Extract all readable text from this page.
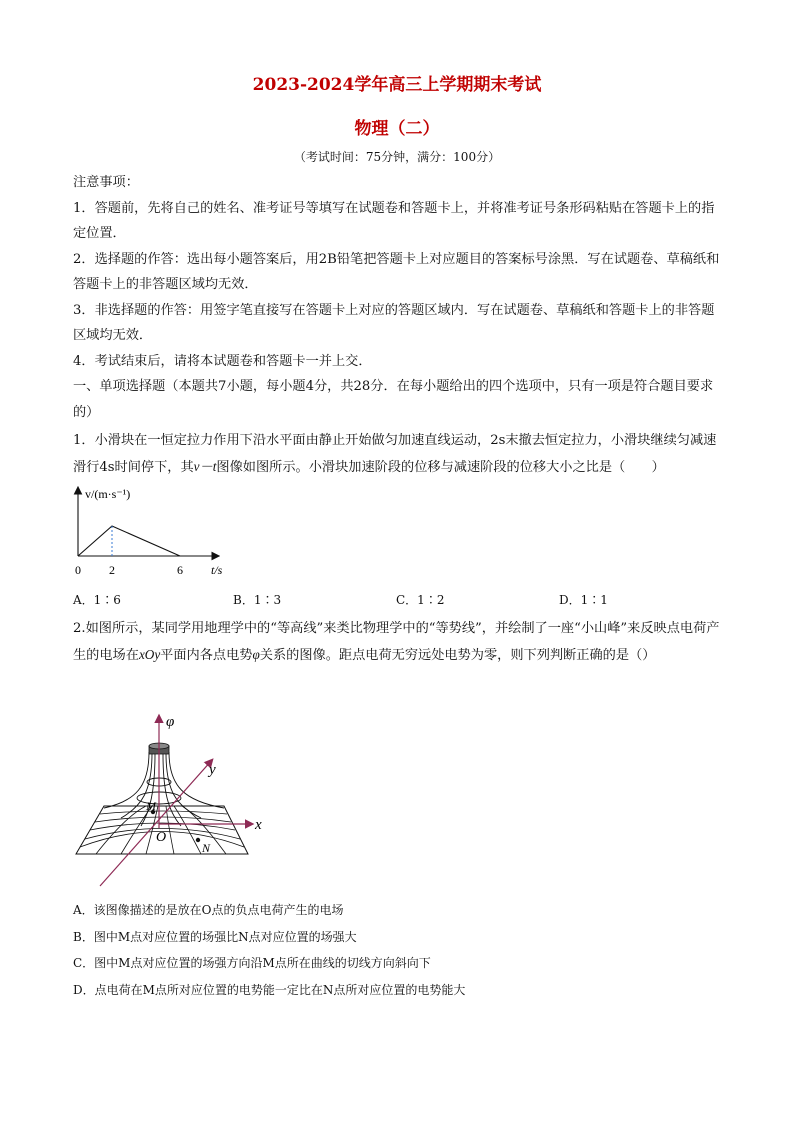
2023-2024学年高三上学期期末考试
物理（二）
（考试时间：75分钟，满分：100分）
注意事项：
1．答题前，先将自己的姓名、准考证号等填写在试题卷和答题卡上，并将准考证号条形码粘贴在答题卡上的指定位置．
2．选择题的作答：选出每小题答案后，用2B铅笔把答题卡上对应题目的答案标号涂黑．写在试题卷、草稿纸和答题卡上的非答题区域均无效．
3．非选择题的作答：用签字笔直接写在答题卡上对应的答题区域内．写在试题卷、草稿纸和答题卡上的非答题区域均无效．
4．考试结束后，请将本试题卷和答题卡一并上交．
一、单项选择题（本题共7小题，每小题4分，共28分．在每小题给出的四个选项中，只有一项是符合题目要求的）
1．小滑块在一恒定拉力作用下沿水平面由静止开始做匀加速直线运动，2s末撤去恒定拉力，小滑块继续匀减速滑行4s时间停下，其v－t图像如图所示。小滑块加速阶段的位移与减速阶段的位移大小之比是（　　）
v/(m·s⁻¹)
t/s
0 2	6
A．1∶6	B．1∶3	C．1∶2	D．1∶1
2.如图所示，某同学用地理学中的“等高线”来类比物理学中的“等势线”，并绘制了一座“小山峰”来反映点电荷产生的电场在xOy平面内各点电势φ关系的图像。距点电荷无穷远处电势为零，则下列判断正确的是（）
φ
y
x
M
O
N
A．该图像描述的是放在O点的负点电荷产生的电场
B．图中M点对应位置的场强比N点对应位置的场强大
C．图中M点对应位置的场强方向沿M点所在曲线的切线方向斜向下
D．点电荷在M点所对应位置的电势能一定比在N点所对应位置的电势能大
